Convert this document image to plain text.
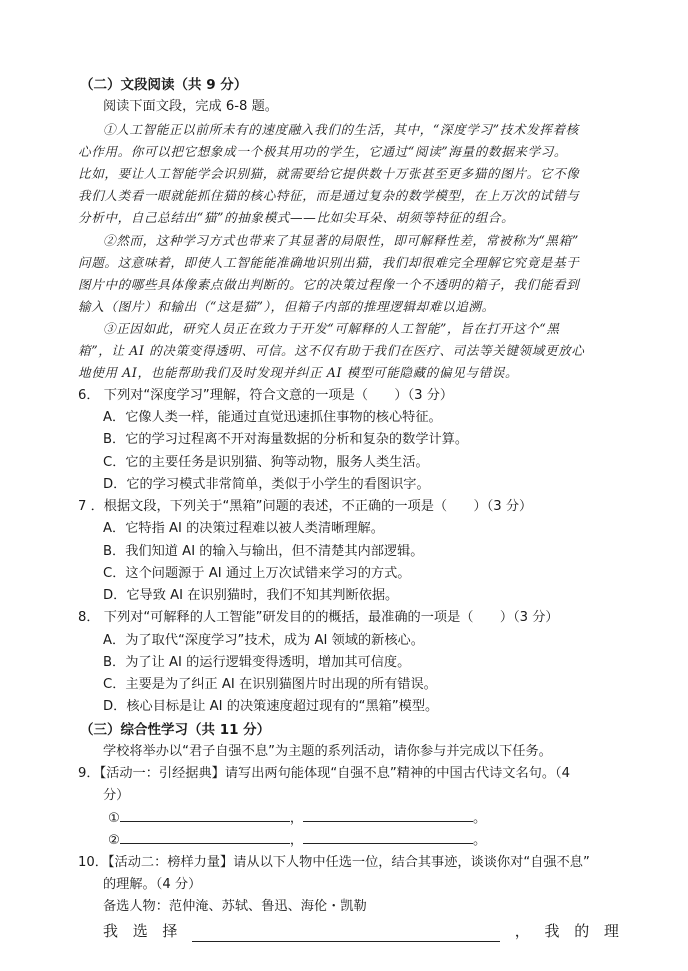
（二）文段阅读（共 9 分）
阅读下面文段，完成 6-8 题。
①人工智能正以前所未有的速度融入我们的生活，其中，“深度学习”技术发挥着核
心作用。你可以把它想象成一个极其用功的学生，它通过“阅读”海量的数据来学习。
比如，要让人工智能学会识别猫，就需要给它提供数十万张甚至更多猫的图片。它不像
我们人类看一眼就能抓住猫的核心特征，而是通过复杂的数学模型，在上万次的试错与
分析中，自己总结出“猫”的抽象模式——比如尖耳朵、胡须等特征的组合。
②然而，这种学习方式也带来了其显著的局限性，即可解释性差，常被称为“黑箱”
问题。这意味着，即使人工智能能准确地识别出猫，我们却很难完全理解它究竟是基于
图片中的哪些具体像素点做出判断的。它的决策过程像一个不透明的箱子，我们能看到
输入（图片）和输出（“这是猫”），但箱子内部的推理逻辑却难以追溯。
③正因如此，研究人员正在致力于开发“可解释的人工智能”，旨在打开这个“黑
箱”，让 AI 的决策变得透明、可信。这不仅有助于我们在医疗、司法等关键领域更放心
地使用 AI，也能帮助我们及时发现并纠正 AI 模型可能隐藏的偏见与错误。
6． 下列对“深度学习”理解，符合文意的一项是（　　）（3 分）
A．它像人类一样，能通过直觉迅速抓住事物的核心特征。
B．它的学习过程离不开对海量数据的分析和复杂的数学计算。
C．它的主要任务是识别猫、狗等动物，服务人类生活。
D．它的学习模式非常简单，类似于小学生的看图识字。
7 ．根据文段，下列关于“黑箱”问题的表述，不正确的一项是（　　）（3 分）
A．它特指 AI 的决策过程难以被人类清晰理解。
B．我们知道 AI 的输入与输出，但不清楚其内部逻辑。
C．这个问题源于 AI 通过上万次试错来学习的方式。
D．它导致 AI 在识别猫时，我们不知其判断依据。
8． 下列对“可解释的人工智能”研发目的的概括，最准确的一项是（　　）（3 分）
A．为了取代“深度学习”技术，成为 AI 领域的新核心。
B．为了让 AI 的运行逻辑变得透明，增加其可信度。
C．主要是为了纠正 AI 在识别猫图片时出现的所有错误。
D．核心目标是让 AI 的决策速度超过现有的“黑箱”模型。
（三）综合性学习（共 11 分）
学校将举办以“君子自强不息”为主题的系列活动，请你参与并完成以下任务。
9．【活动一：引经据典】请写出两句能体现“自强不息”精神的中国古代诗文名句。（4
分）
①	，	。
②	，	。
10．【活动二：榜样力量】请从以下人物中任选一位，结合其事迹，谈谈你对“自强不息”
的理解。（4 分）
备选人物：范仲淹、苏轼、鲁迅、海伦・凯勒
我 选 择	， 我 的 理
